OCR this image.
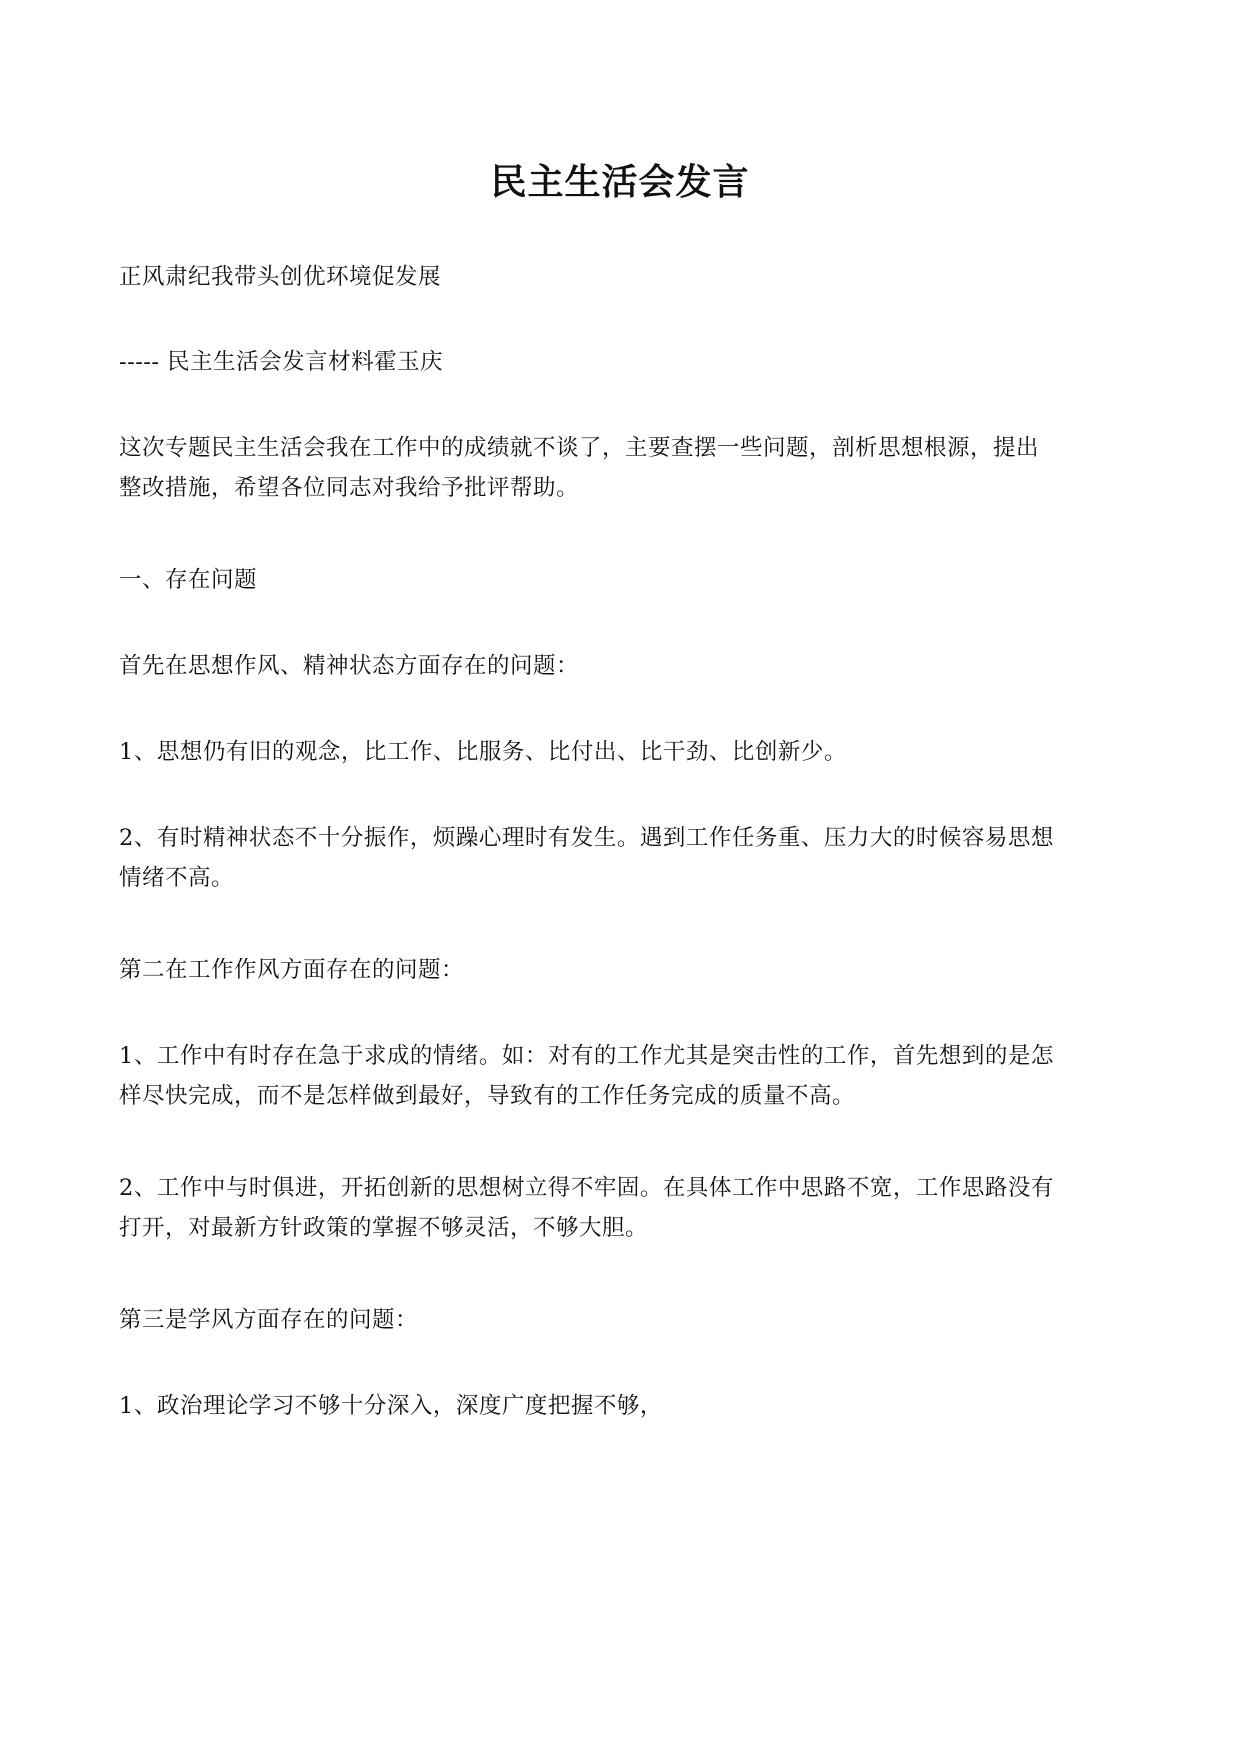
民主生活会发言
正风肃纪我带头创优环境促发展
----- 民主生活会发言材料霍玉庆
这次专题民主生活会我在工作中的成绩就不谈了，主要查摆一些问题，剖析思想根源，提出
整改措施，希望各位同志对我给予批评帮助。
一、存在问题
首先在思想作风、精神状态方面存在的问题：
1、思想仍有旧的观念，比工作、比服务、比付出、比干劲、比创新少。
2、有时精神状态不十分振作，烦躁心理时有发生。遇到工作任务重、压力大的时候容易思想
情绪不高。
第二在工作作风方面存在的问题：
1、工作中有时存在急于求成的情绪。如：对有的工作尤其是突击性的工作，首先想到的是怎
样尽快完成，而不是怎样做到最好，导致有的工作任务完成的质量不高。
2、工作中与时俱进，开拓创新的思想树立得不牢固。在具体工作中思路不宽，工作思路没有
打开，对最新方针政策的掌握不够灵活，不够大胆。
第三是学风方面存在的问题：
1、政治理论学习不够十分深入，深度广度把握不够，
